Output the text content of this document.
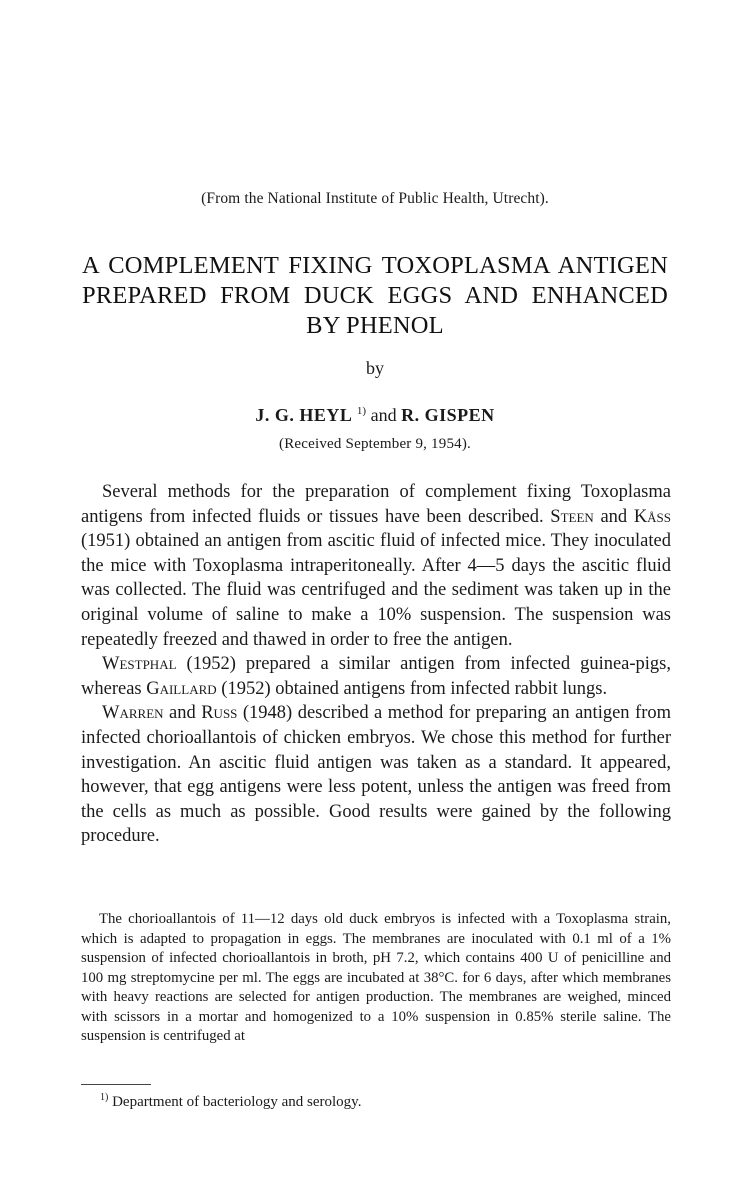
(From the National Institute of Public Health, Utrecht).
A COMPLEMENT FIXING TOXOPLASMA ANTIGEN
PREPARED FROM DUCK EGGS AND ENHANCED
BY PHENOL
by
J. G. HEYL $^{1)}$ and R. GISPEN
(Received September 9, 1954).

Several methods for the preparation of complement fixing Toxoplasma antigens from infected fluids or tissues have been described. Steen and Kåss (1951) obtained an antigen from ascitic fluid of infected mice. They inoculated the mice with Toxoplasma intraperitoneally. After 4—5 days the ascitic fluid was collected. The fluid was centrifuged and the sediment was taken up in the original volume of saline to make a 10% suspension. The suspension was repeatedly freezed and thawed in order to free the antigen.

Westphal (1952) prepared a similar antigen from infected guinea-pigs, whereas Gaillard (1952) obtained antigens from infected rabbit lungs.

Warren and Russ (1948) described a method for preparing an antigen from infected chorioallantois of chicken embryos. We chose this method for further investigation. An ascitic fluid antigen was taken as a standard. It appeared, however, that egg antigens were less potent, unless the antigen was freed from the cells as much as possible. Good results were gained by the following procedure.

The chorioallantois of 11—12 days old duck embryos is infected with a Toxoplasma strain, which is adapted to propagation in eggs. The membranes are inoculated with 0.1 ml of a 1% suspension of infected chorioallantois in broth, pH 7.2, which contains 400 U of penicilline and 100 mg streptomycine per ml. The eggs are incubated at 38°C. for 6 days, after which membranes with heavy reactions are selected for antigen production. The membranes are weighed, minced with scissors in a mortar and homogenized to a 10% suspension in 0.85% sterile saline. The suspension is centrifuged at

$^{1)}$ Department of bacteriology and serology.
